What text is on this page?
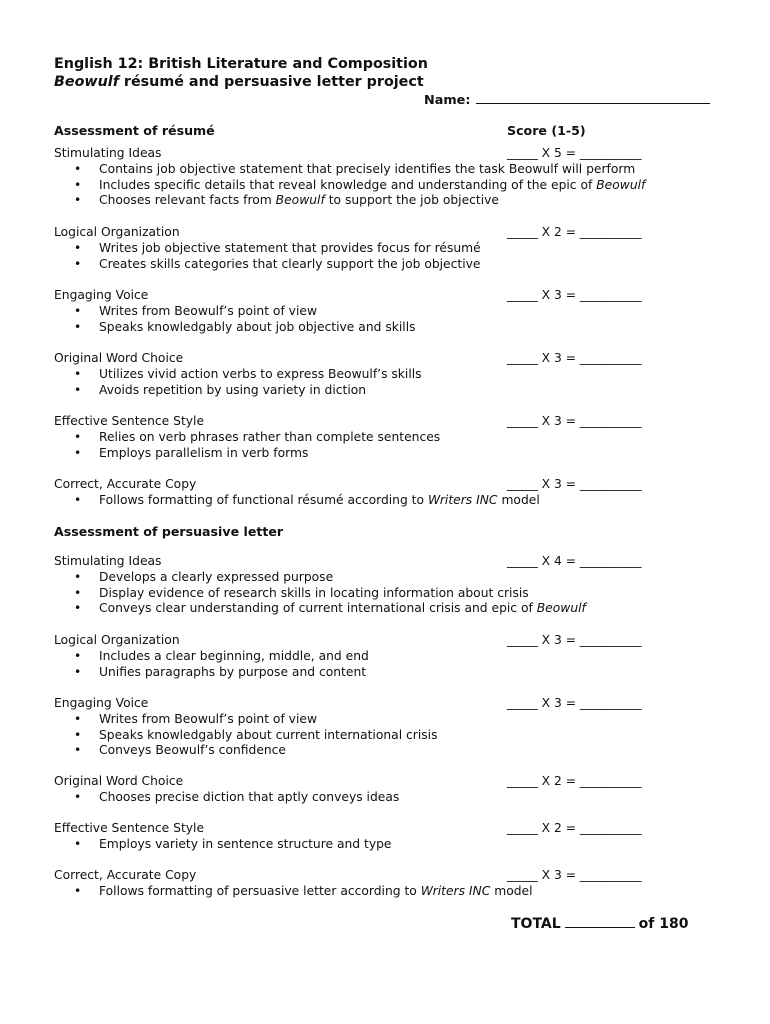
English 12: British Literature and Composition
Beowulf résumé and persuasive letter project
Name:
Assessment of résumé	Score (1-5)
Stimulating Ideas	_____ X 5 = __________
• Contains job objective statement that precisely identifies the task Beowulf will perform
• Includes specific details that reveal knowledge and understanding of the epic of Beowulf
• Chooses relevant facts from Beowulf to support the job objective
Logical Organization	_____ X 2 = __________
• Writes job objective statement that provides focus for résumé
• Creates skills categories that clearly support the job objective
Engaging Voice	_____ X 3 = __________
• Writes from Beowulf’s point of view
• Speaks knowledgably about job objective and skills
Original Word Choice	_____ X 3 = __________
• Utilizes vivid action verbs to express Beowulf’s skills
• Avoids repetition by using variety in diction
Effective Sentence Style	_____ X 3 = __________
• Relies on verb phrases rather than complete sentences
• Employs parallelism in verb forms
Correct, Accurate Copy	_____ X 3 = __________
• Follows formatting of functional résumé according to Writers INC model
Assessment of persuasive letter
Stimulating Ideas	_____ X 4 = __________
• Develops a clearly expressed purpose
• Display evidence of research skills in locating information about crisis
• Conveys clear understanding of current international crisis and epic of Beowulf
Logical Organization	_____ X 3 = __________
• Includes a clear beginning, middle, and end
• Unifies paragraphs by purpose and content
Engaging Voice	_____ X 3 = __________
• Writes from Beowulf’s point of view
• Speaks knowledgably about current international crisis
• Conveys Beowulf’s confidence
Original Word Choice	_____ X 2 = __________
• Chooses precise diction that aptly conveys ideas
Effective Sentence Style	_____ X 2 = __________
• Employs variety in sentence structure and type
Correct, Accurate Copy	_____ X 3 = __________
• Follows formatting of persuasive letter according to Writers INC model
TOTAL	of 180
